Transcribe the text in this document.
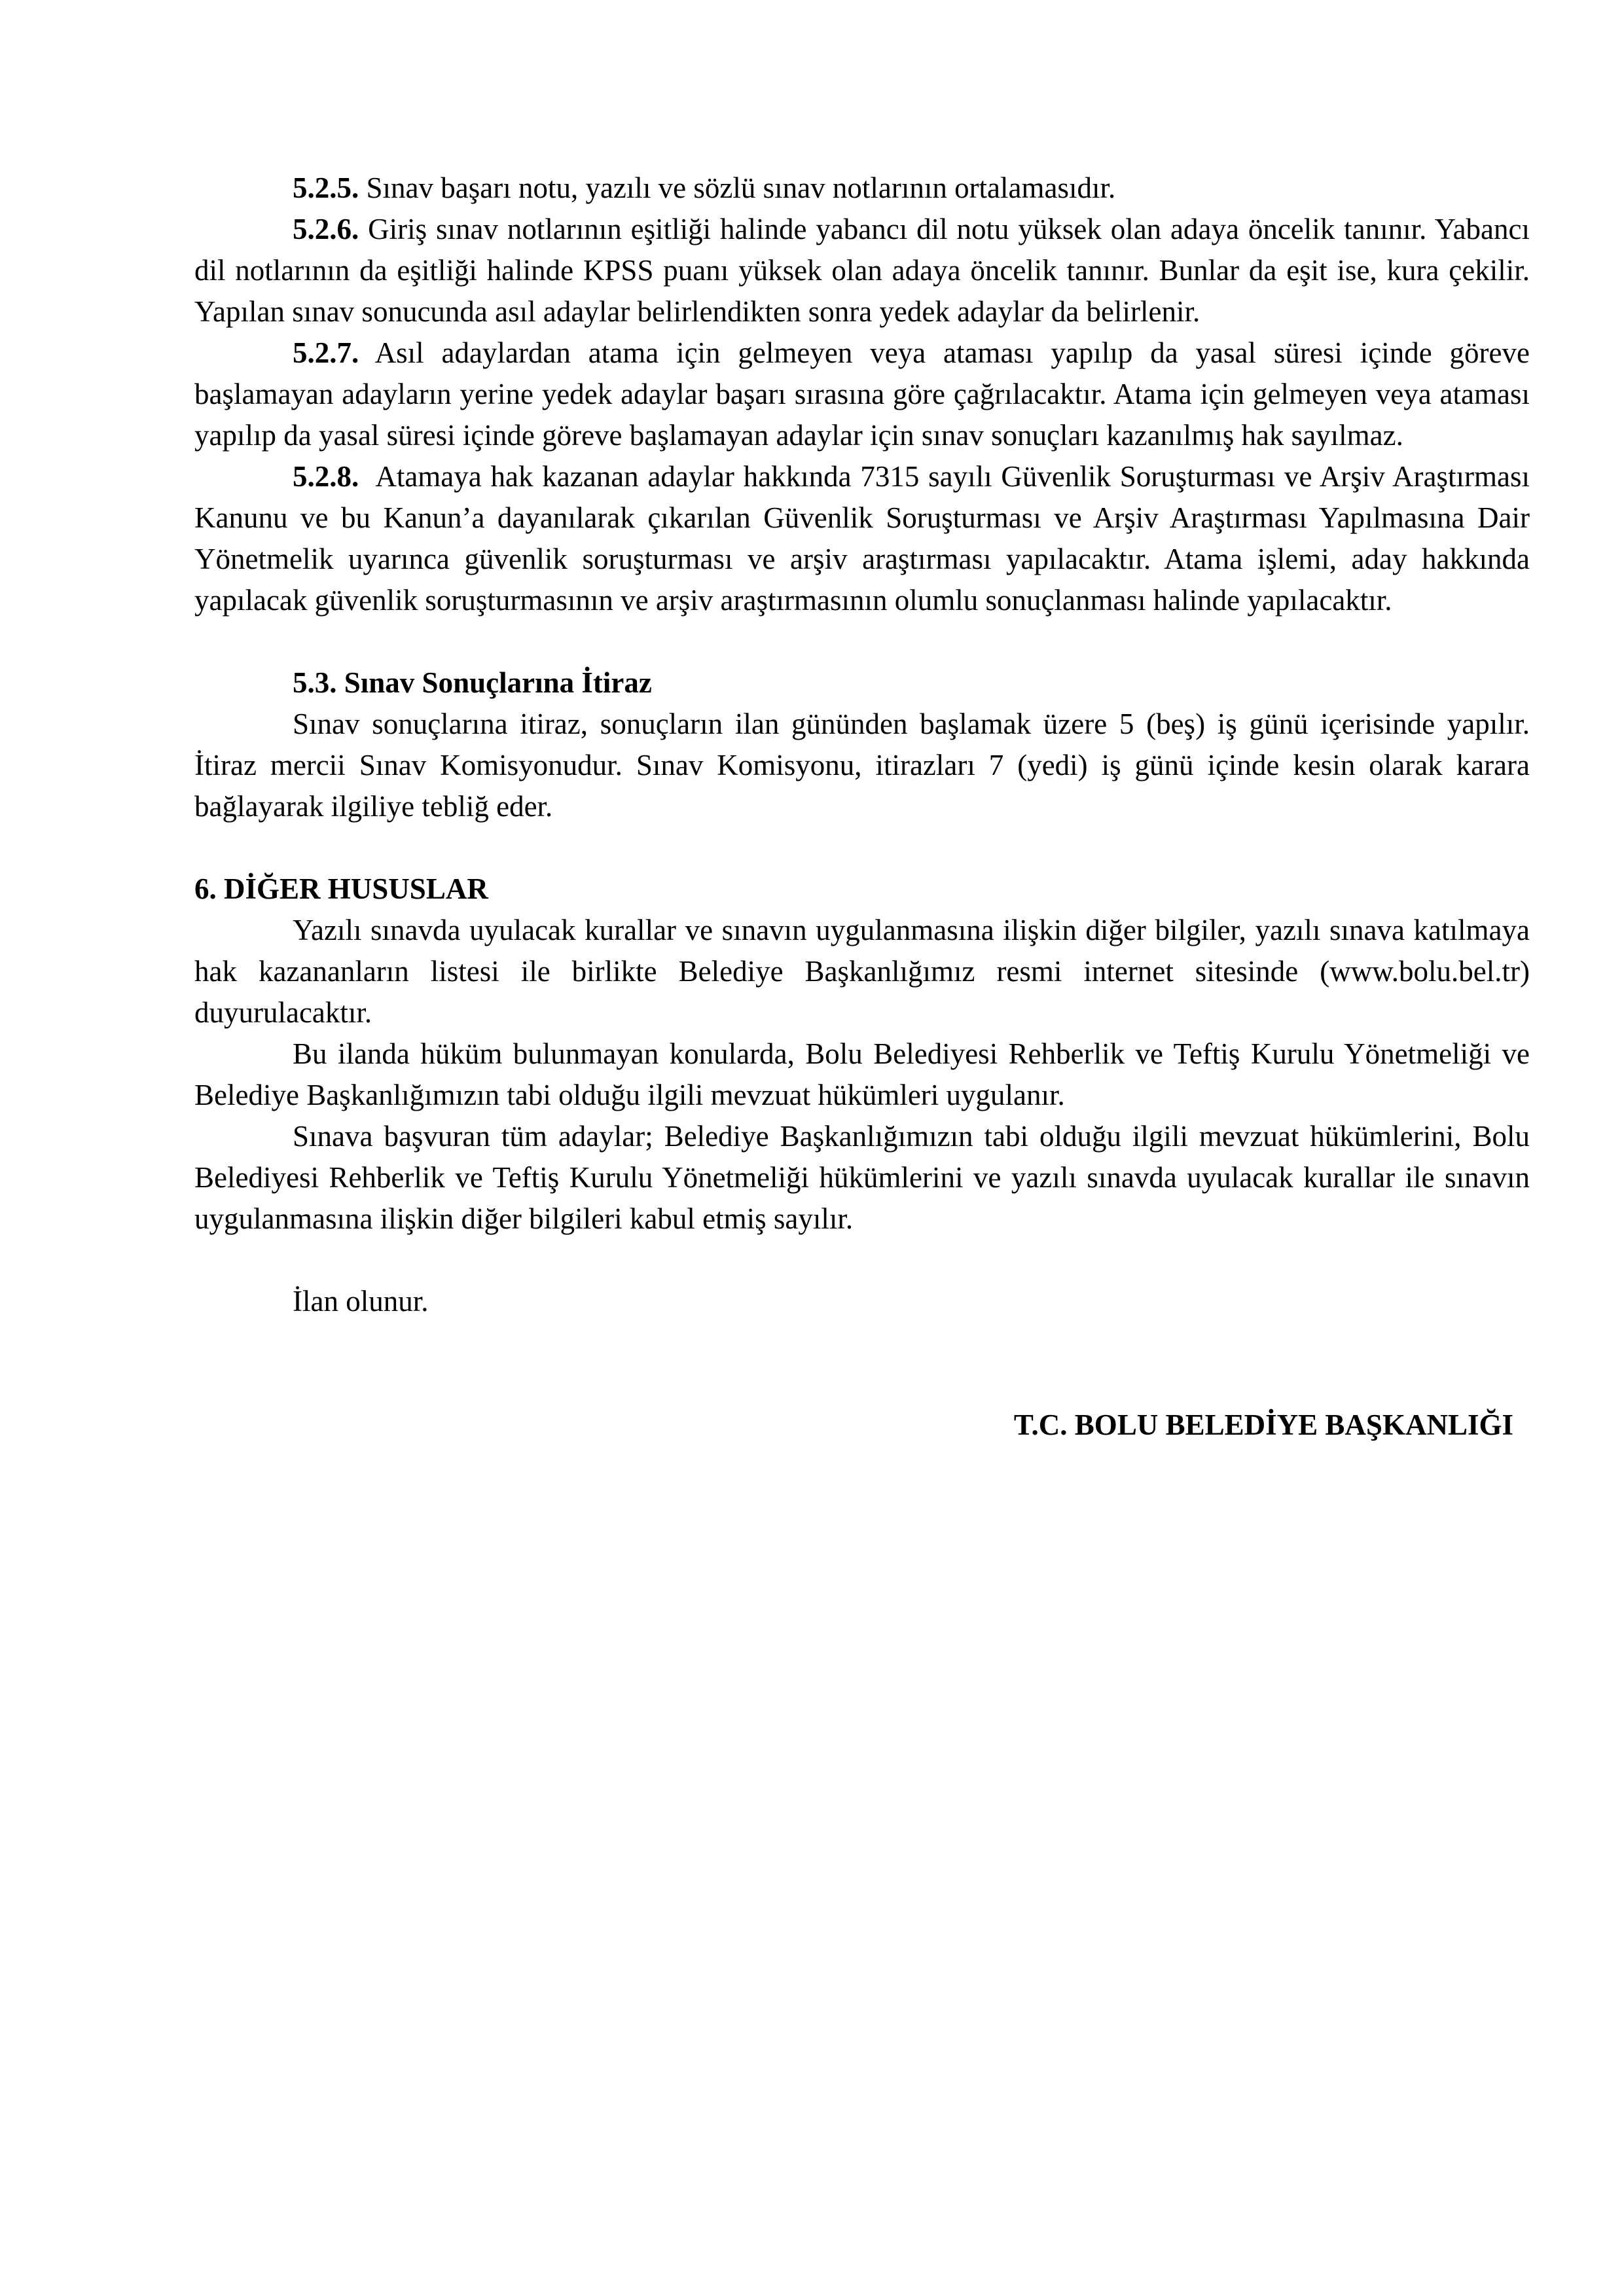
5.2.5. Sınav başarı notu, yazılı ve sözlü sınav notlarının ortalamasıdır.

5.2.6. Giriş sınav notlarının eşitliği halinde yabancı dil notu yüksek olan adaya öncelik tanınır. Yabancı dil notlarının da eşitliği halinde KPSS puanı yüksek olan adaya öncelik tanınır. Bunlar da eşit ise, kura çekilir. Yapılan sınav sonucunda asıl adaylar belirlendikten sonra yedek adaylar da belirlenir.

5.2.7. Asıl adaylardan atama için gelmeyen veya ataması yapılıp da yasal süresi içinde göreve başlamayan adayların yerine yedek adaylar başarı sırasına göre çağrılacaktır. Atama için gelmeyen veya ataması yapılıp da yasal süresi içinde göreve başlamayan adaylar için sınav sonuçları kazanılmış hak sayılmaz.

5.2.8.  Atamaya hak kazanan adaylar hakkında 7315 sayılı Güvenlik Soruşturması ve Arşiv Araştırması Kanunu ve bu Kanun’a dayanılarak çıkarılan Güvenlik Soruşturması ve Arşiv Araştırması Yapılmasına Dair Yönetmelik uyarınca güvenlik soruşturması ve arşiv araştırması yapılacaktır. Atama işlemi, aday hakkında yapılacak güvenlik soruşturmasının ve arşiv araştırmasının olumlu sonuçlanması halinde yapılacaktır.

5.3. Sınav Sonuçlarına İtiraz

Sınav sonuçlarına itiraz, sonuçların ilan gününden başlamak üzere 5 (beş) iş günü içerisinde yapılır. İtiraz mercii Sınav Komisyonudur. Sınav Komisyonu, itirazları 7 (yedi) iş günü içinde kesin olarak karara bağlayarak ilgiliye tebliğ eder.

6. DİĞER HUSUSLAR

Yazılı sınavda uyulacak kurallar ve sınavın uygulanmasına ilişkin diğer bilgiler, yazılı sınava katılmaya hak kazananların listesi ile birlikte Belediye Başkanlığımız resmi internet sitesinde (www.bolu.bel.tr) duyurulacaktır.

Bu ilanda hüküm bulunmayan konularda, Bolu Belediyesi Rehberlik ve Teftiş Kurulu Yönetmeliği ve Belediye Başkanlığımızın tabi olduğu ilgili mevzuat hükümleri uygulanır.

Sınava başvuran tüm adaylar; Belediye Başkanlığımızın tabi olduğu ilgili mevzuat hükümlerini, Bolu Belediyesi Rehberlik ve Teftiş Kurulu Yönetmeliği hükümlerini ve yazılı sınavda uyulacak kurallar ile sınavın uygulanmasına ilişkin diğer bilgileri kabul etmiş sayılır.

İlan olunur.

T.C. BOLU BELEDİYE BAŞKANLIĞI
